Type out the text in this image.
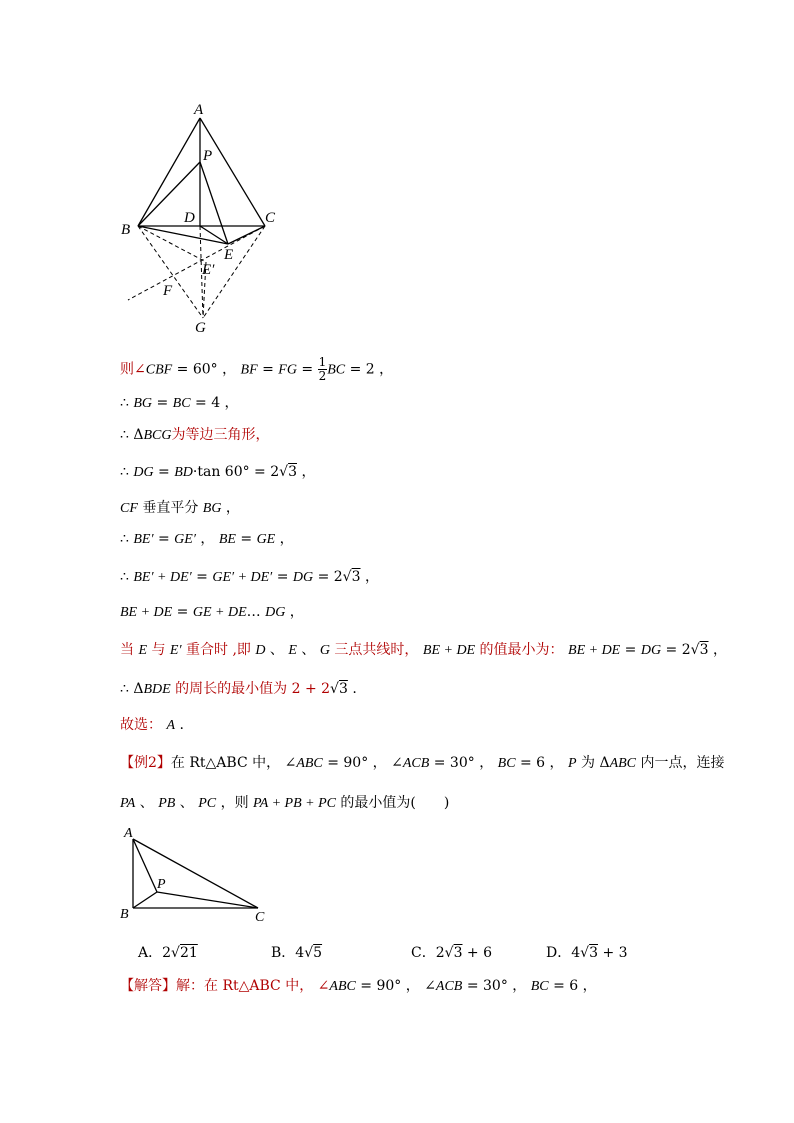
A
P
B
D	C
E
E′
F
G
则∠CBF = 60° ， BF = FG = $\frac{1}{2}$ BC = 2 ，
∴ BG = BC = 4 ，
∴ ΔBCG为等边三角形，
∴ DG = BD·tan 60° = 2√3 ，
CF 垂直平分 BG ，
∴ BE′ = GE′ ， BE = GE ，
∴ BE′ + DE′ = GE′ + DE′ = DG = 2√3 ，
BE + DE = GE + DE… DG ，
当 E 与 E′ 重合时 ,即 D 、 E 、 G 三点共线时， BE + DE 的值最小为： BE + DE = DG = 2√3 ，
∴ ΔBDE 的周长的最小值为 2 + 2√3 .
故选： A .
【例2】在 Rt△ABC 中， ∠ABC = 90° ， ∠ACB = 30° ， BC = 6 ， P 为 ΔABC 内一点，连接
PA 、 PB 、 PC ，则 PA + PB + PC 的最小值为(　　)
A
P
B	C
A．2√21	B．4√5	C．2√3 + 6	D．4√3 + 3
【解答】解：在 Rt△ABC 中， ∠ABC = 90° ， ∠ACB = 30° ， BC = 6 ，
